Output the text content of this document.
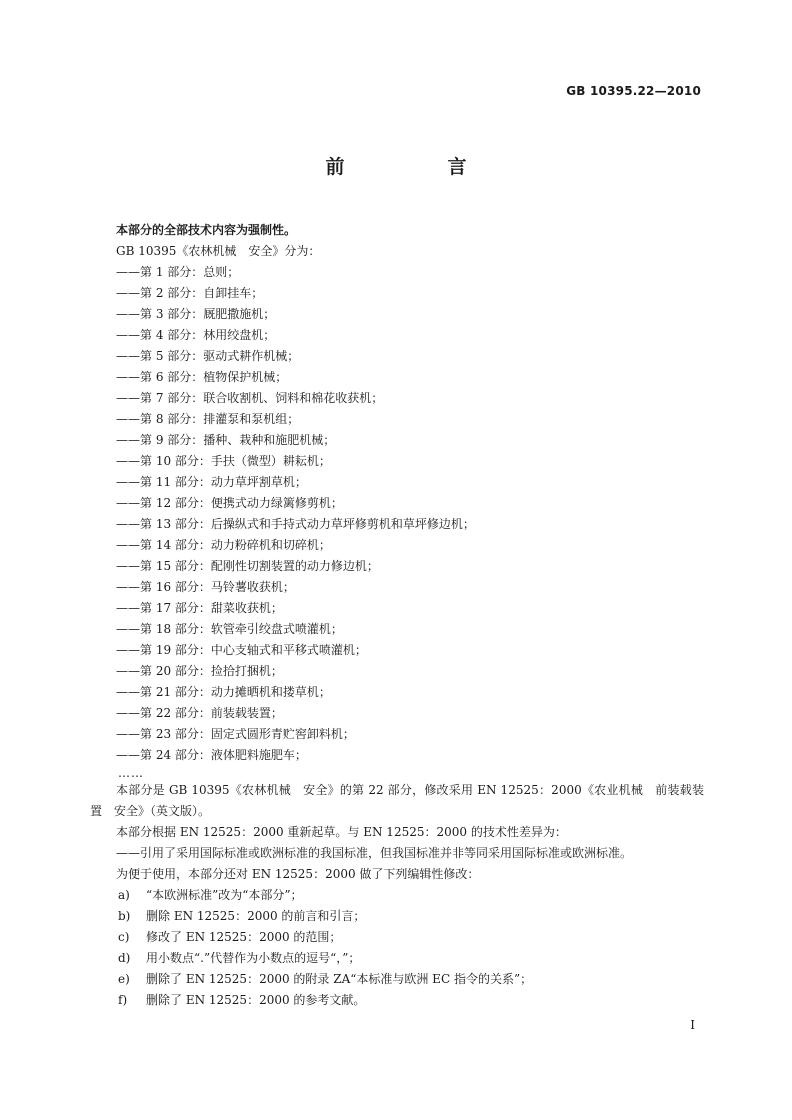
GB 10395.22—2010
前　言

本部分的全部技术内容为强制性。

GB 10395《农林机械　安全》分为：

——第 1 部分：总则；

——第 2 部分：自卸挂车；

——第 3 部分：厩肥撒施机；

——第 4 部分：林用绞盘机；

——第 5 部分：驱动式耕作机械；

——第 6 部分：植物保护机械；

——第 7 部分：联合收割机、饲料和棉花收获机；

——第 8 部分：排灌泵和泵机组；

——第 9 部分：播种、栽种和施肥机械；

——第 10 部分：手扶（微型）耕耘机；

——第 11 部分：动力草坪割草机；

——第 12 部分：便携式动力绿篱修剪机；

——第 13 部分：后操纵式和手持式动力草坪修剪机和草坪修边机；

——第 14 部分：动力粉碎机和切碎机；

——第 15 部分：配刚性切割装置的动力修边机；

——第 16 部分：马铃薯收获机；

——第 17 部分：甜菜收获机；

——第 18 部分：软管牵引绞盘式喷灌机；

——第 19 部分：中心支轴式和平移式喷灌机；

——第 20 部分：捡拾打捆机；

——第 21 部分：动力摊晒机和搂草机；

——第 22 部分：前装载装置；

——第 23 部分：固定式圆形青贮窖卸料机；

——第 24 部分：液体肥料施肥车；

……

本部分是 GB 10395《农林机械　安全》的第 22 部分，修改采用 EN 12525：2000《农业机械　前装载装置　安全》（英文版）。

本部分根据 EN 12525：2000 重新起草。与 EN 12525：2000 的技术性差异为：

——引用了采用国际标准或欧洲标准的我国标准，但我国标准并非等同采用国际标准或欧洲标准。

为便于使用，本部分还对 EN 12525：2000 做了下列编辑性修改：

a)	“本欧洲标准”改为“本部分”；
b)	删除 EN 12525：2000 的前言和引言；
c)	修改了 EN 12525：2000 的范围；
d)	用小数点“.”代替作为小数点的逗号“，”；
e)	删除了 EN 12525：2000 的附录 ZA“本标准与欧洲 EC 指令的关系”；
f)	删除了 EN 12525：2000 的参考文献。
I
